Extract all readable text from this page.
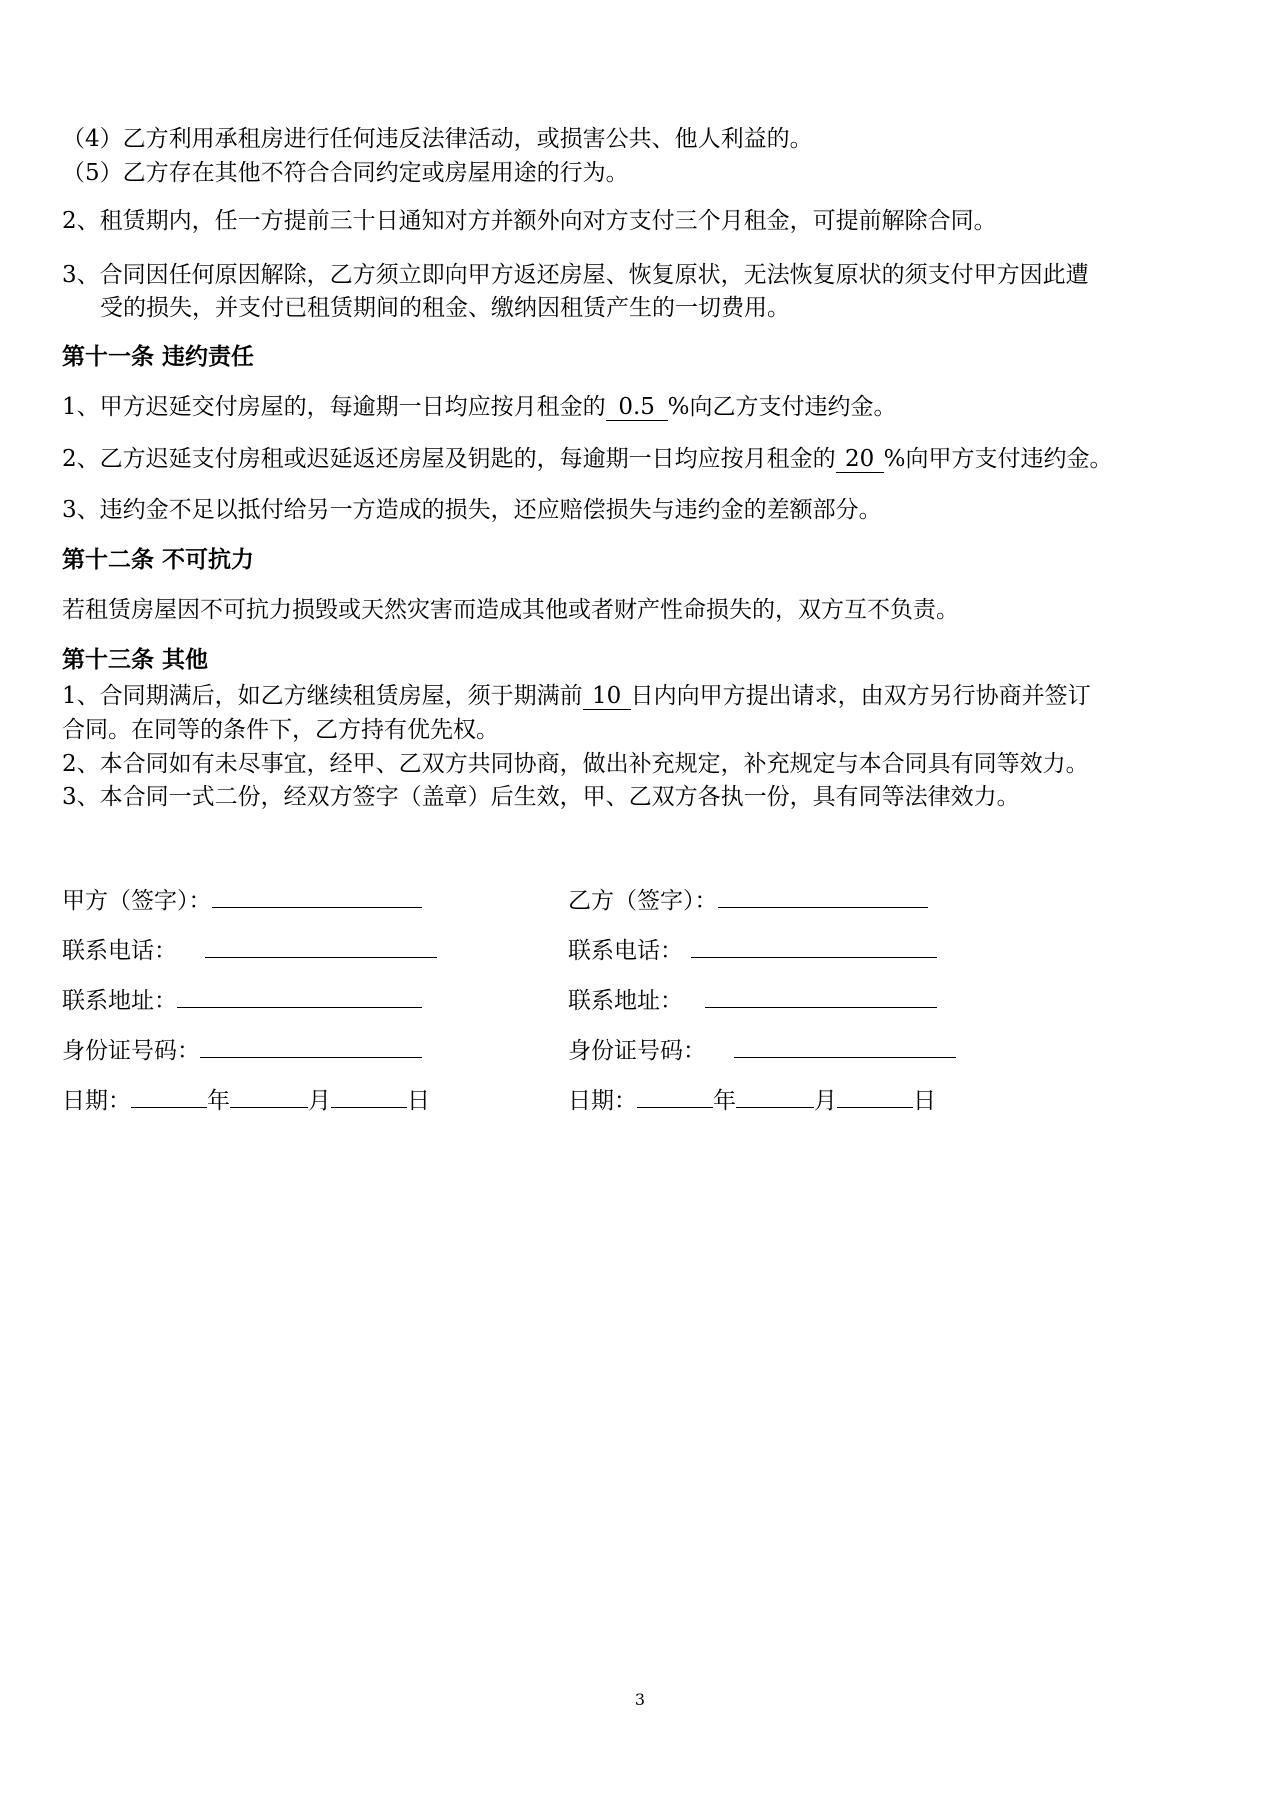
（4）乙方利用承租房进行任何违反法律活动，或损害公共、他人利益的。
（5）乙方存在其他不符合合同约定或房屋用途的行为。
2、租赁期内，任一方提前三十日通知对方并额外向对方支付三个月租金，可提前解除合同。
3、合同因任何原因解除，乙方须立即向甲方返还房屋、恢复原状，无法恢复原状的须支付甲方因此遭
受的损失，并支付已租赁期间的租金、缴纳因租赁产生的一切费用。
第十一条 违约责任
1、甲方迟延交付房屋的，每逾期一日均应按月租金的 0.5 %向乙方支付违约金。
2、乙方迟延支付房租或迟延返还房屋及钥匙的，每逾期一日均应按月租金的 20 %向甲方支付违约金。
3、违约金不足以抵付给另一方造成的损失，还应赔偿损失与违约金的差额部分。
第十二条 不可抗力
若租赁房屋因不可抗力损毁或天然灾害而造成其他或者财产性命损失的，双方互不负责。
第十三条 其他
1、合同期满后，如乙方继续租赁房屋，须于期满前 10 日内向甲方提出请求，由双方另行协商并签订
合同。在同等的条件下，乙方持有优先权。
2、本合同如有未尽事宜，经甲、乙双方共同协商，做出补充规定，补充规定与本合同具有同等效力。
3、本合同一式二份，经双方签字（盖章）后生效，甲、乙双方各执一份，具有同等法律效力。
甲方（签字）：
联系电话：
联系地址：
身份证号码：
日期：	年	月	日
乙方（签字）：
联系电话：
联系地址：
身份证号码：
日期：	年	月	日
3
